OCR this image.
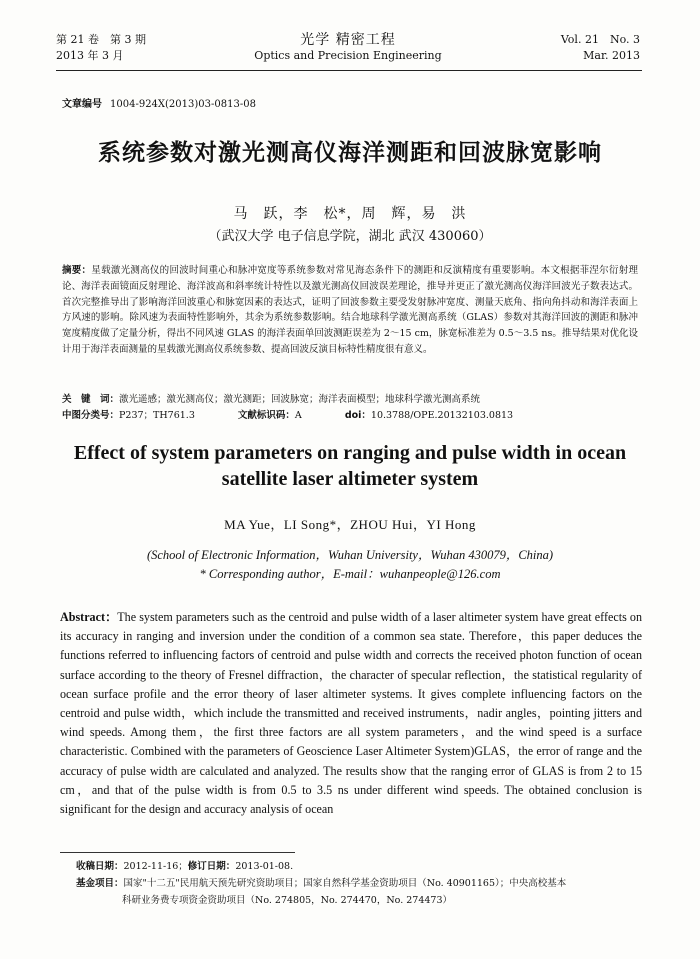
第 21 卷　第 3 期
2013 年 3 月
光学 精密工程
Optics and Precision Engineering
Vol. 21　No. 3
Mar. 2013
文章编号 1004-924X(2013)03-0813-08
系统参数对激光测高仪海洋测距和回波脉宽影响
马　跃，李　松*，周　辉，易　洪
（武汉大学 电子信息学院，湖北 武汉 430060）
摘要：星载激光测高仪的回波时间重心和脉冲宽度等系统参数对常见海态条件下的测距和反演精度有重要影响。本文根据菲涅尔衍射理论、海洋表面镜面反射理论、海洋波高和斜率统计特性以及激光测高仪回波误差理论，推导并更正了激光测高仪海洋回波光子数表达式。首次完整推导出了影响海洋回波重心和脉宽因素的表达式，证明了回波参数主要受发射脉冲宽度、测量天底角、指向角抖动和海洋表面上方风速的影响。除风速为表面特性影响外，其余为系统参数影响。结合地球科学激光测高系统（GLAS）参数对其海洋回波的测距和脉冲宽度精度做了定量分析，得出不同风速 GLAS 的海洋表面单回波测距误差为 2～15 cm，脉宽标准差为 0.5～3.5 ns。推导结果对优化设计用于海洋表面测量的星载激光测高仪系统参数、提高回波反演目标特性精度很有意义。
关　键　词：激光遥感；激光测高仪；激光测距；回波脉宽；海洋表面模型；地球科学激光测高系统
中图分类号：P237；TH761.3	文献标识码：A	doi：10.3788/OPE.20132103.0813
Effect of system parameters on ranging and pulse width in ocean satellite laser altimeter system
MA Yue，LI Song*，ZHOU Hui，YI Hong
(School of Electronic Information，Wuhan University，Wuhan 430079，China)
* Corresponding author，E-mail：wuhanpeople@126.com
Abstract：The system parameters such as the centroid and pulse width of a laser altimeter system have great effects on its accuracy in ranging and inversion under the condition of a common sea state. Therefore，this paper deduces the functions referred to influencing factors of centroid and pulse width and corrects the received photon function of ocean surface according to the theory of Fresnel diffraction，the character of specular reflection，the statistical regularity of ocean surface profile and the error theory of laser altimeter systems. It gives complete influencing factors on the centroid and pulse width，which include the transmitted and received instruments，nadir angles，pointing jitters and wind speeds. Among them，the first three factors are all system parameters，and the wind speed is a surface characteristic. Combined with the parameters of Geoscience Laser Altimeter System)GLAS，the error of range and the accuracy of pulse width are calculated and analyzed. The results show that the ranging error of GLAS is from 2 to 15 cm，and that of the pulse width is from 0.5 to 3.5 ns under different wind speeds. The obtained conclusion is significant for the design and accuracy analysis of ocean
收稿日期：2012-11-16；修订日期：2013-01-08.
基金项目：国家"十二五"民用航天预先研究资助项目；国家自然科学基金资助项目（No. 40901165）；中央高校基本
科研业务费专项资金资助项目（No. 274805，No. 274470，No. 274473）
